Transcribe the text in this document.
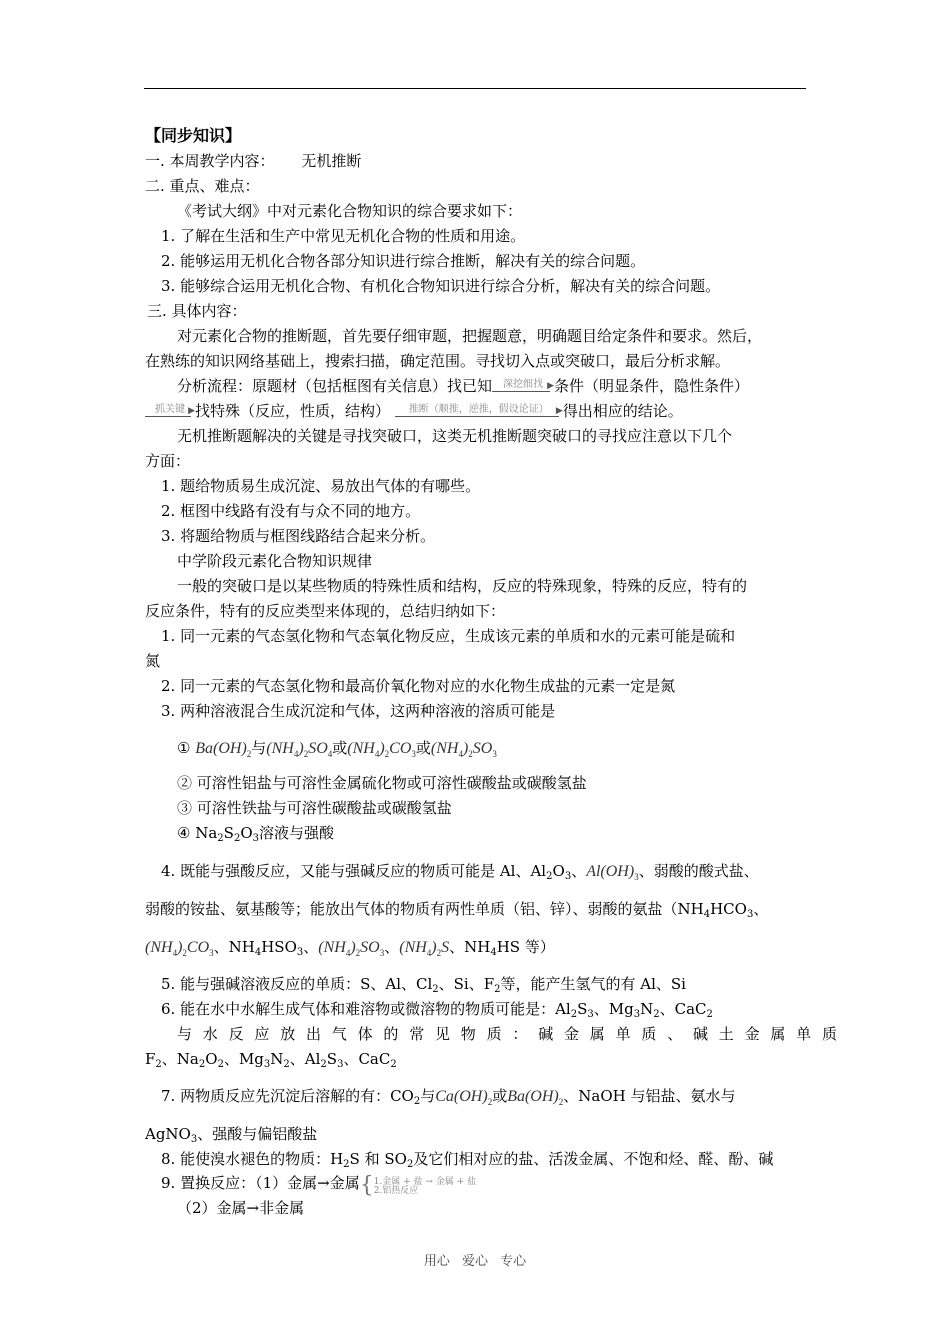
【同步知识】
一. 本周教学内容： 无机推断
二. 重点、难点：
《考试大纲》中对元素化合物知识的综合要求如下：
1. 了解在生活和生产中常见无机化合物的性质和用途。
2. 能够运用无机化合物各部分知识进行综合推断，解决有关的综合问题。
3. 能够综合运用无机化合物、有机化合物知识进行综合分析，解决有关的综合问题。
三. 具体内容：
对元素化合物的推断题，首先要仔细审题，把握题意，明确题目给定条件和要求。然后，
在熟练的知识网络基础上，搜索扫描，确定范围。寻找切入点或突破口，最后分析求解。
分析流程：原题材（包括框图有关信息）找已知	深挖细找 ▶ 条件（明显条件，隐性条件）
抓关键 ▶ 找特殊（反应，性质，结构）	推断（顺推，逆推，假设论证） ▶ 得出相应的结论。
无机推断题解决的关键是寻找突破口，这类无机推断题突破口的寻找应注意以下几个
方面：
1. 题给物质易生成沉淀、易放出气体的有哪些。
2. 框图中线路有没有与众不同的地方。
3. 将题给物质与框图线路结合起来分析。
中学阶段元素化合物知识规律
一般的突破口是以某些物质的特殊性质和结构，反应的特殊现象，特殊的反应，特有的
反应条件，特有的反应类型来体现的，总结归纳如下：
1. 同一元素的气态氢化物和气态氧化物反应，生成该元素的单质和水的元素可能是硫和
氮
2. 同一元素的气态氢化物和最高价氧化物对应的水化物生成盐的元素一定是氮
3. 两种溶液混合生成沉淀和气体，这两种溶液的溶质可能是
① $Ba(OH)_2$与$(NH_4)_2SO_4$或$(NH_4)_2CO_3$或$(NH_4)_2SO_3$
② 可溶性铝盐与可溶性金属硫化物或可溶性碳酸盐或碳酸氢盐
③ 可溶性铁盐与可溶性碳酸盐或碳酸氢盐
④ $Na_2S_2O_3$溶液与强酸
4. 既能与强酸反应，又能与强碱反应的物质可能是 Al、$Al_2O_3$、$Al(OH)_3$、弱酸的酸式盐、
弱酸的铵盐、氨基酸等；能放出气体的物质有两性单质（铝、锌）、弱酸的氨盐（$NH_4HCO_3$、
$(NH_4)_2CO_3$、$NH_4HSO_3$、$(NH_4)_2SO_3$、$(NH_4)_2S$、$NH_4HS$ 等）
5. 能与强碱溶液反应的单质：S、Al、$Cl_2$、Si、$F_2$等，能产生氢气的有 Al、Si
6. 能在水中水解生成气体和难溶物或微溶物的物质可能是：$Al_2S_3$、$Mg_3N_2$、CaC$_2$
与水反应放出气体的常见物质：碱金属单质、碱土金属单质
$F_2$、$Na_2O_2$、$Mg_3N_2$、$Al_2S_3$、CaC$_2$
7. 两物质反应先沉淀后溶解的有：$CO_2$与$Ca(OH)_2$或$Ba(OH)_2$、NaOH 与铝盐、氨水与
AgNO$_3$、强酸与偏铝酸盐
8. 能使溴水褪色的物质：$H_2S$ 和 $SO_2$及它们相对应的盐、活泼金属、不饱和烃、醛、酚、碱
9. 置换反应：（1）金属→金属{1.金属 + 盐 → 金属 + 盐
2.铝热反应
（2）金属→非金属
用心 爱心 专心
